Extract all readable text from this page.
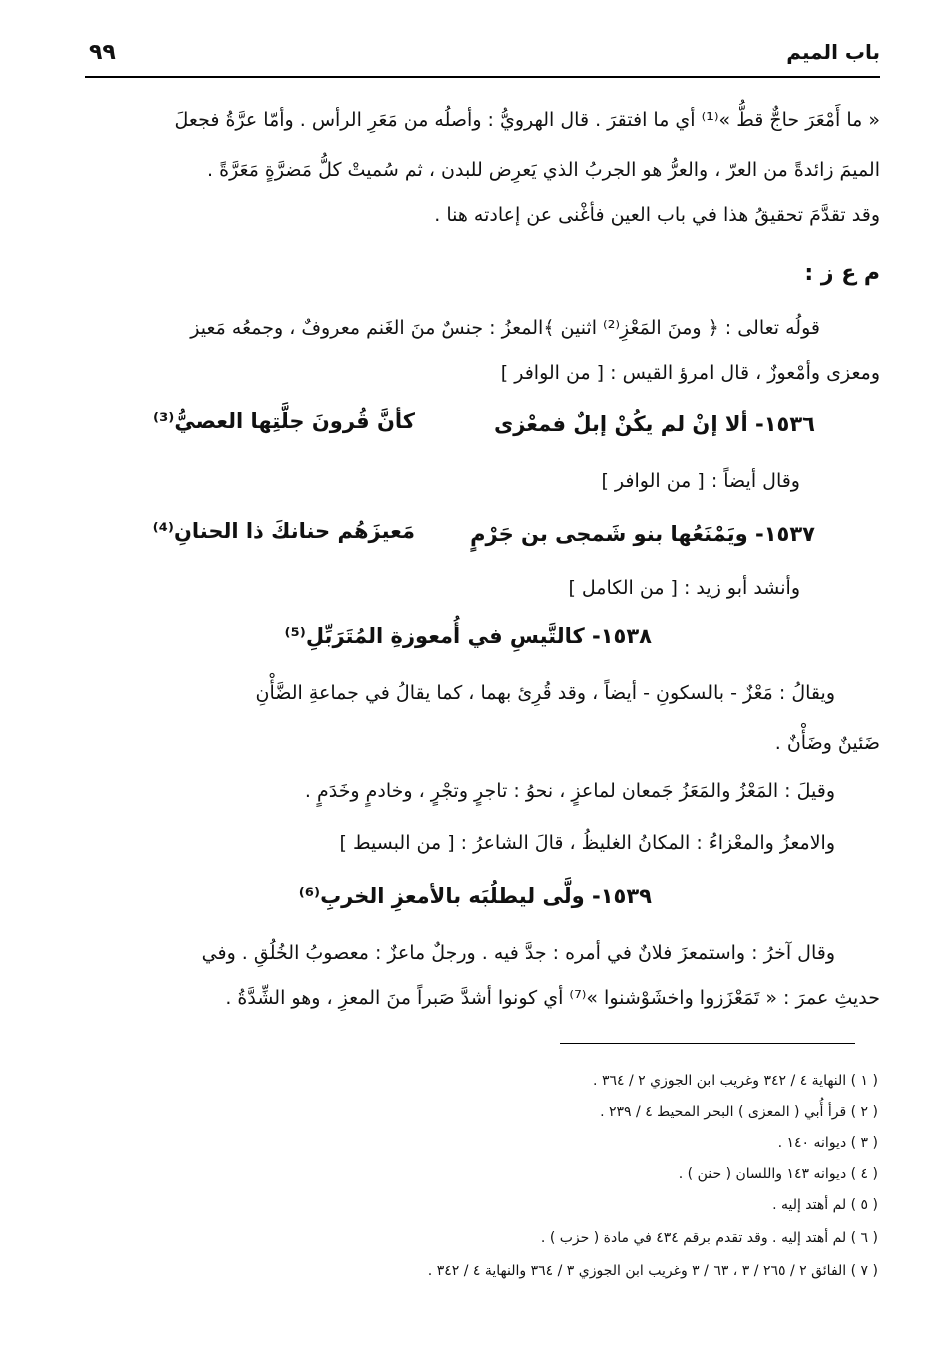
باب الميم
٩٩
« ما أَمْعَرَ حاجٌّ قطُّ »⁽¹⁾ أي ما افتقرَ . قال الهرويُّ : وأصلُه من مَعَرِ الرأس . وأمّا عرَّةُ فجعلَ
الميمَ زائدةً من العرّ ، والعرُّ هو الجربُ الذي يَعرِض للبدن ، ثم سُميتْ كلُّ مَضرَّةٍ مَعَرَّةً .
وقد تقدَّمَ تحقيقُ هذا في باب العين فأغْنى عن إعادته هنا .
م ع ز :
قولُه تعالى : ﴿ ومنَ المَعْزِ⁽²⁾ اثنين ﴾المعزُ : جنسٌ منَ الغَنم معروفٌ ، وجمعُه مَعيز
ومعزى وأمْعوزٌ ، قال امرؤ القيس : [ من الوافر ]
١٥٣٦- ألا إنْ لم يكُنْ إبلٌ فمعْزى
كأنَّ قُرونَ جلَّتِها العصيُّ⁽³⁾
وقال أيضاً : [ من الوافر ]
١٥٣٧- ويَمْنَعُها بنو شَمجى بن جَرْمٍ
مَعيزَهُم حنانكَ ذا الحنانِ⁽⁴⁾
وأنشد أبو زيد : [ من الكامل ]
١٥٣٨- كالتَّيسِ في أُمعوزةِ المُتَرَبِّلِ⁽⁵⁾
ويقالُ : مَعْزٌ - بالسكونِ - أيضاً ، وقد قُرِئ بهما ، كما يقالُ في جماعةِ الضَّأْنِ
ضَئينٌ وضَأْنٌ .
وقيلَ : المَعْزُ والمَعَزُ جَمعان لماعزٍ ، نحوُ : تاجرٍ وتجْرٍ ، وخادمٍ وخَدَمٍ .
والامعزُ والمعْزاءُ : المكانُ الغليظُ ، قالَ الشاعرُ : [ من البسيط ]
١٥٣٩- ولَّى ليطلُبَه بالأمعزِ الخربِ⁽⁶⁾
وقال آخرُ : واستمعزَ فلانٌ في أمره : جدَّ فيه . ورجلٌ ماعزٌ : معصوبُ الخُلُقِ . وفي
حديثِ عمرَ : « تَمَعْزَزوا واخشَوْشنوا »⁽⁷⁾ أي كونوا أشدَّ صَبراً منَ المعزِ ، وهو الشِّدَّةُ .
( ١ ) النهاية ٤ / ٣٤٢ وغريب ابن الجوزي ٢ / ٣٦٤ .
( ٢ ) قرأ أُبي ( المعزى ) البحر المحيط ٤ / ٢٣٩ .
( ٣ ) ديوانه ١٤٠ .
( ٤ ) ديوانه ١٤٣ واللسان ( حنن ) .
( ٥ ) لم أهتد إليه .
( ٦ ) لم أهتد إليه . وقد تقدم برقم ٤٣٤ في مادة ( حزب ) .
( ٧ ) الفائق ٢ / ٢٦٥ / ٣ ، ٦٣ / ٣ وغريب ابن الجوزي ٣ / ٣٦٤ والنهاية ٤ / ٣٤٢ .
